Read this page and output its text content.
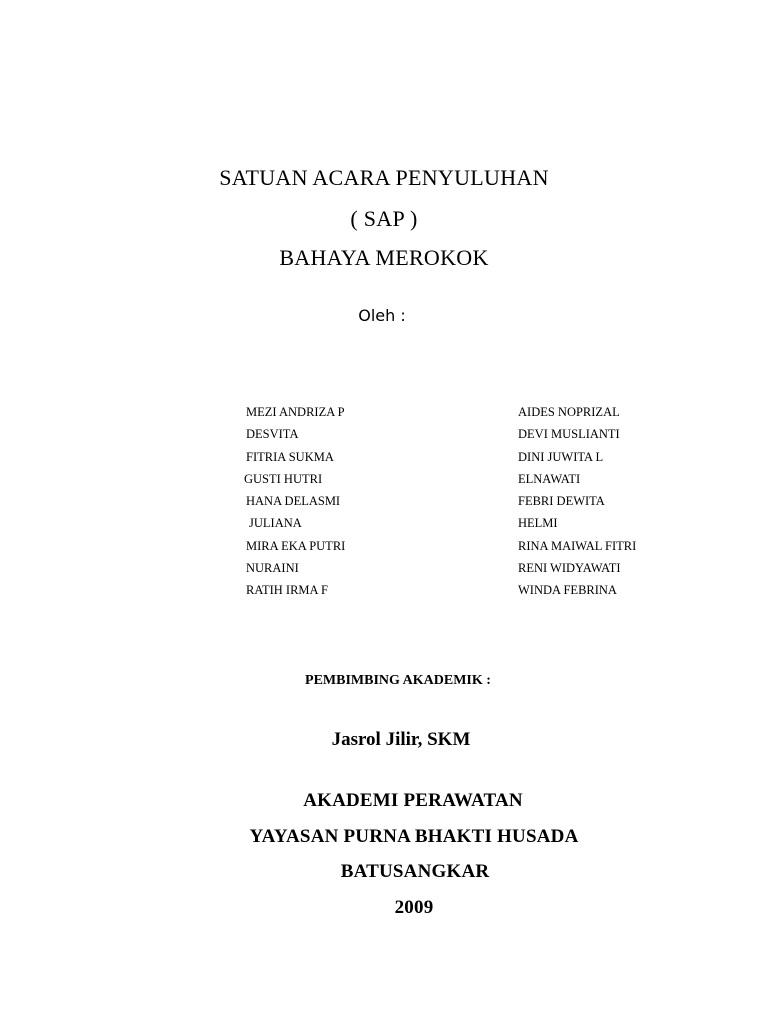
SATUAN ACARA PENYULUHAN
( SAP )
BAHAYA MEROKOK
Oleh :
MEZI ANDRIZA P
DESVITA
FITRIA SUKMA
GUSTI HUTRI
HANA DELASMI
JULIANA
MIRA EKA PUTRI
NURAINI
RATIH IRMA F
AIDES NOPRIZAL
DEVI MUSLIANTI
DINI JUWITA L
ELNAWATI
FEBRI DEWITA
HELMI
RINA MAIWAL FITRI
RENI WIDYAWATI
WINDA FEBRINA
PEMBIMBING AKADEMIK :
Jasrol Jilir, SKM
AKADEMI PERAWATAN
YAYASAN PURNA BHAKTI HUSADA
BATUSANGKAR
2009
